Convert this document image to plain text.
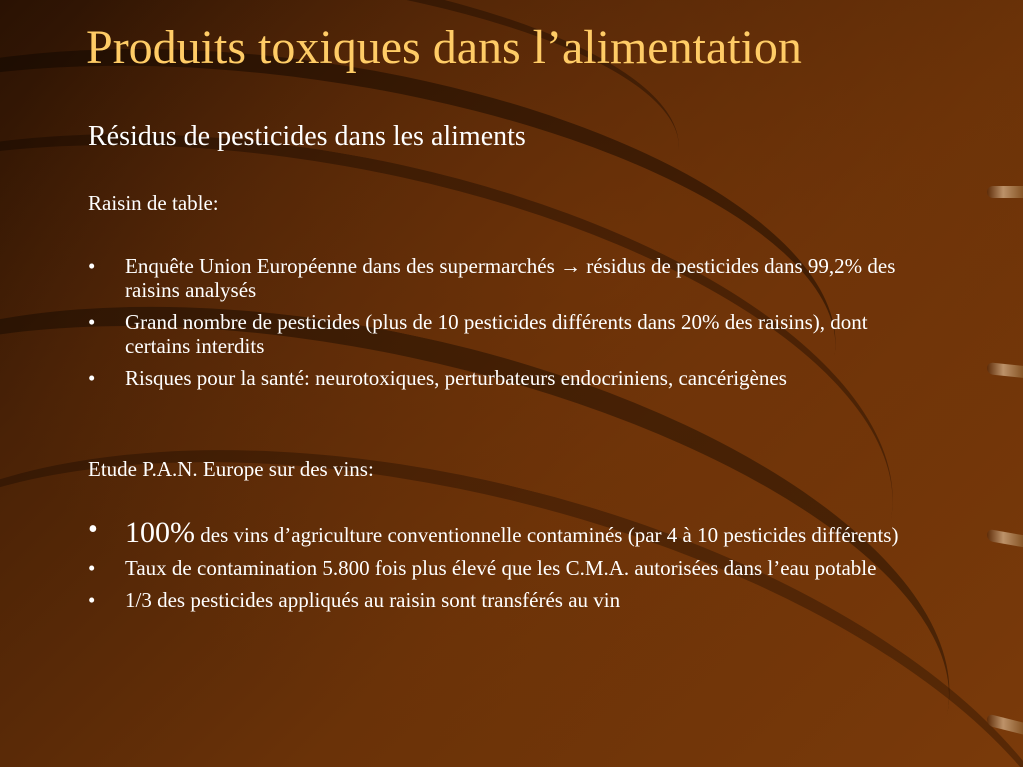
Produits toxiques dans l’alimentation
Résidus de pesticides dans les aliments
Raisin de table:
• Enquête Union Européenne dans des supermarchés → résidus de pesticides dans 99,2% des raisins analysés
• Grand nombre de pesticides (plus de 10 pesticides différents dans 20% des raisins), dont certains interdits
• Risques pour la santé: neurotoxiques, perturbateurs endocriniens, cancérigènes
Etude P.A.N. Europe sur des vins:
• 100% des vins d’agriculture conventionnelle contaminés (par 4 à 10 pesticides différents)
• Taux de contamination 5.800 fois plus élevé que les C.M.A. autorisées dans l’eau potable
• 1/3 des pesticides appliqués au raisin sont transférés au vin
